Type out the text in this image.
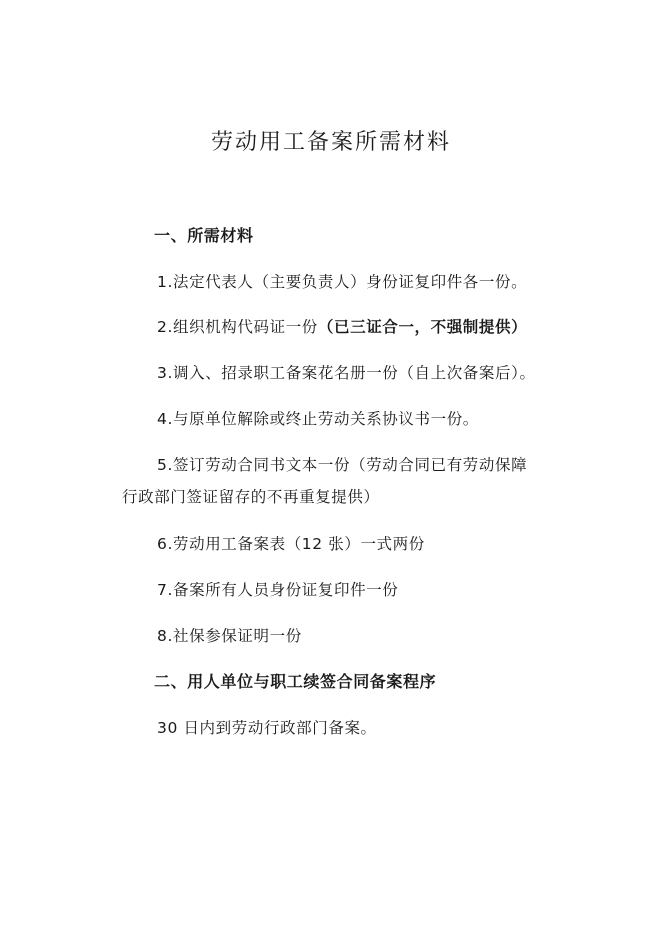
劳动用工备案所需材料
一、所需材料
1.法定代表人（主要负责人）身份证复印件各一份。
2.组织机构代码证一份（已三证合一，不强制提供）
3.调入、招录职工备案花名册一份（自上次备案后）。
4.与原单位解除或终止劳动关系协议书一份。
5.签订劳动合同书文本一份（劳动合同已有劳动保障
行政部门签证留存的不再重复提供）
6.劳动用工备案表（12 张）一式两份
7.备案所有人员身份证复印件一份
8.社保参保证明一份
二、用人单位与职工续签合同备案程序
30 日内到劳动行政部门备案。
